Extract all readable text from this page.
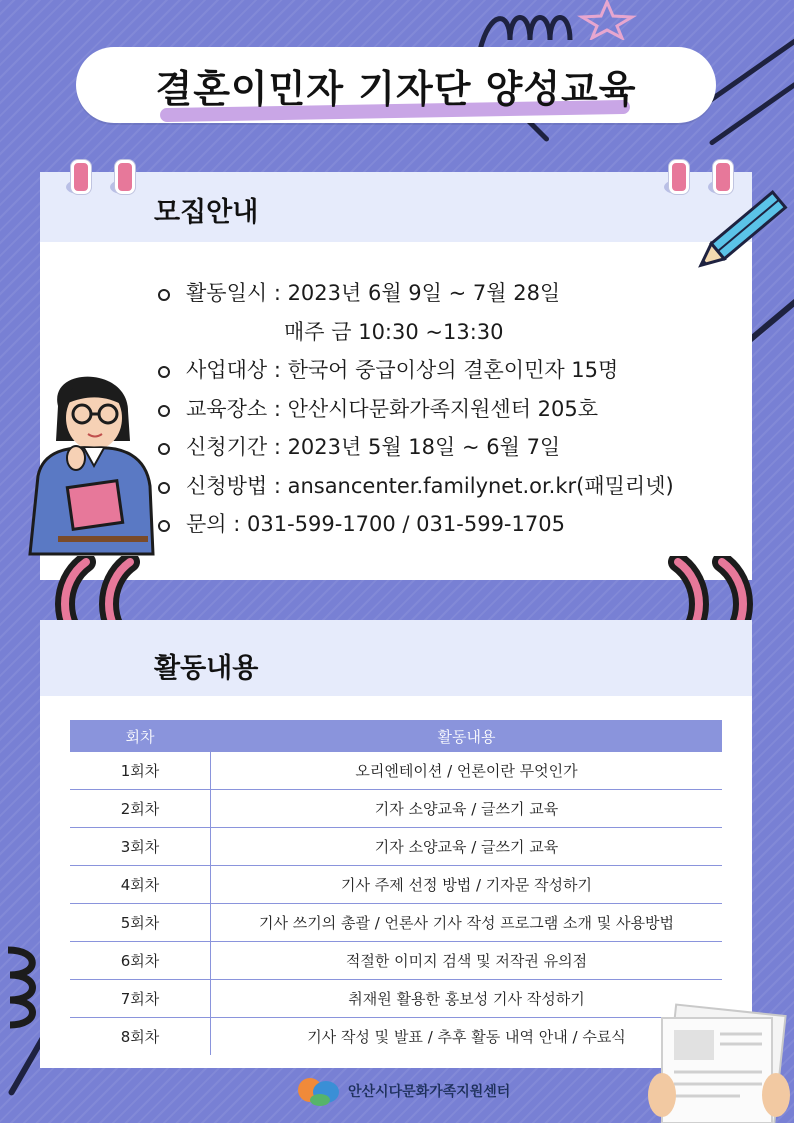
결혼이민자 기자단 양성교육
모집안내
활동일시 : 2023년 6월 9일 ~ 7월 28일
매주 금 10:30 ~13:30
사업대상 : 한국어 중급이상의 결혼이민자 15명
교육장소 : 안산시다문화가족지원센터 205호
신청기간 : 2023년 5월 18일 ~ 6월 7일
신청방법 : ansancenter.familynet.or.kr(패밀리넷)
문의 : 031-599-1700 / 031-599-1705
활동내용
회차	활동내용
1회차	오리엔테이션 / 언론이란 무엇인가
2회차	기자 소양교육 / 글쓰기 교육
3회차	기자 소양교육 / 글쓰기 교육
4회차	기사 주제 선정 방법 / 기자문 작성하기
5회차	기사 쓰기의 총괄 / 언론사 기사 작성 프로그램 소개 및 사용방법
6회차	적절한 이미지 검색 및 저작권 유의점
7회차	취재원 활용한 홍보성 기사 작성하기
8회차	기사 작성 및 발표 / 추후 활동 내역 안내 / 수료식
안산시다문화가족지원센터
